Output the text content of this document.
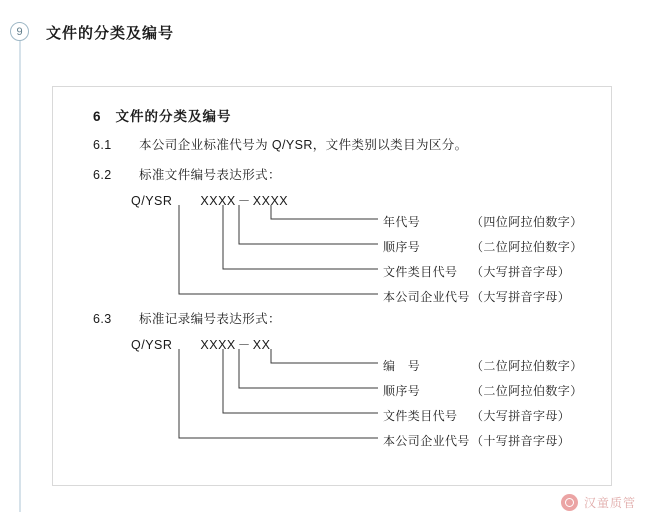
9	文件的分类及编号
6 文件的分类及编号
6.1 本公司企业标准代号为 Q/YSR，文件类别以类目为区分。
6.2 标准文件编号表达形式：
Q/YSR XXXX － XXXX
年代号	（四位阿拉伯数字）
顺序号	（二位阿拉伯数字）
文件类目代号 （大写拼音字母）
本公司企业代号（大写拼音字母）
6.3 标准记录编号表达形式：
Q/YSR XXXX － XX
编　号	（二位阿拉伯数字）
顺序号	（二位阿拉伯数字）
文件类目代号 （大写拼音字母）
本公司企业代号（十写拼音字母）
汉童质管
